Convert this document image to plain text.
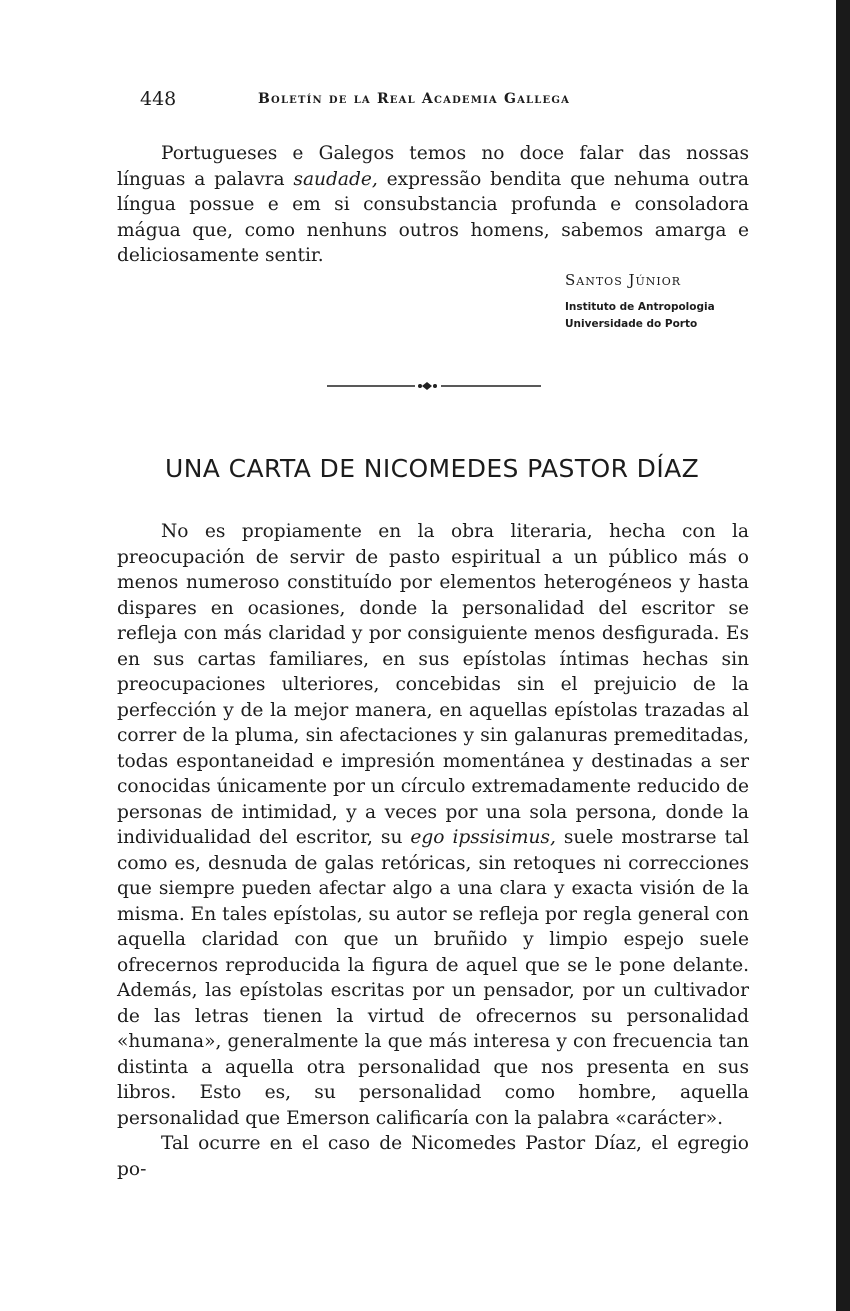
448	Boletín de la Real Academia Gallega

Portugueses e Galegos temos no doce falar das nossas línguas a palavra saudade, expressão bendita que nehuma outra língua possue e em si consubstancia profunda e consoladora mágua que, como nenhuns outros homens, sabemos amarga e deliciosamente sentir.

Santos Júnior
Instituto de Antropologia
Universidade do Porto
UNA CARTA DE NICOMEDES PASTOR DÍAZ

No es propiamente en la obra literaria, hecha con la preocupación de servir de pasto espiritual a un público más o menos numeroso constituído por elementos heterogéneos y hasta dispares en ocasiones, donde la personalidad del escritor se refleja con más claridad y por consiguiente menos desfigurada. Es en sus cartas familiares, en sus epístolas íntimas hechas sin preocupaciones ulteriores, concebidas sin el prejuicio de la perfección y de la mejor manera, en aquellas epístolas trazadas al correr de la pluma, sin afectaciones y sin galanuras premeditadas, todas espontaneidad e impresión momentánea y destinadas a ser conocidas únicamente por un círculo extremadamente reducido de personas de intimidad, y a veces por una sola persona, donde la individualidad del escritor, su ego ipssisimus, suele mostrarse tal como es, desnuda de galas retóricas, sin retoques ni correcciones que siempre pueden afectar algo a una clara y exacta visión de la misma. En tales epístolas, su autor se refleja por regla general con aquella claridad con que un bruñido y limpio espejo suele ofrecernos reproducida la figura de aquel que se le pone delante. Además, las epístolas escritas por un pensador, por un cultivador de las letras tienen la virtud de ofrecernos su personalidad «humana», generalmente la que más interesa y con frecuencia tan distinta a aquella otra personalidad que nos presenta en sus libros. Esto es, su personalidad como hombre, aquella personalidad que Emerson calificaría con la palabra «carácter».

Tal ocurre en el caso de Nicomedes Pastor Díaz, el egregio po-
